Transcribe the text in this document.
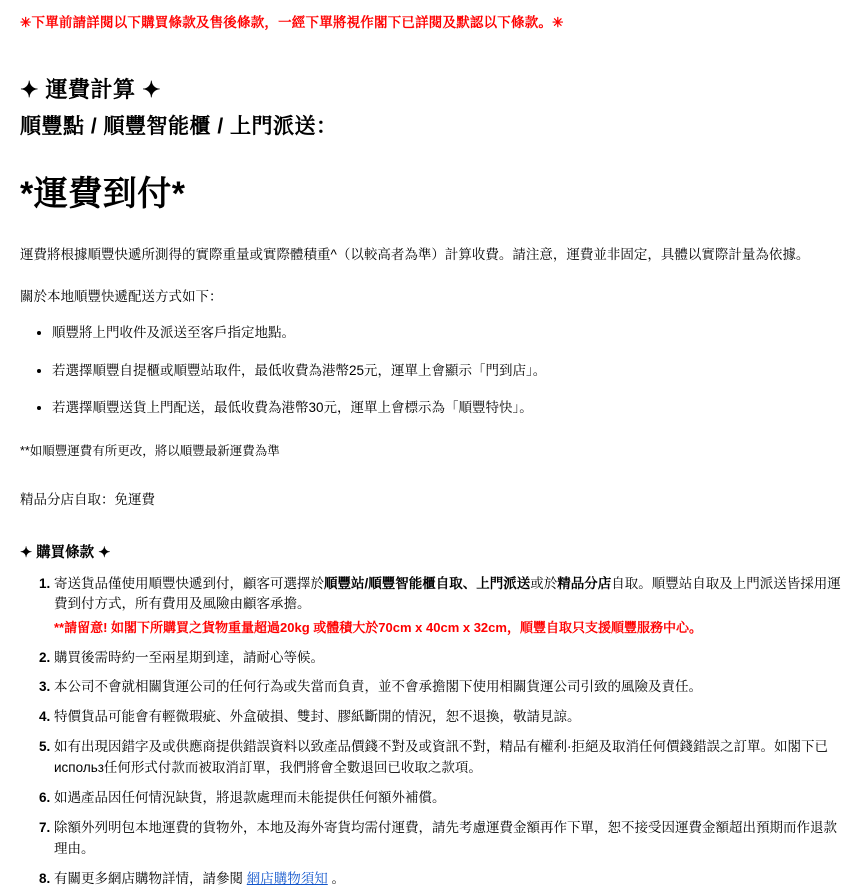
✳下單前請詳閱以下購買條款及售後條款，一經下單將視作閣下已詳閱及默認以下條款。✳
✦ 運費計算 ✦
順豐點 / 順豐智能櫃 / 上門派送：
*運費到付*
運費將根據順豐快遞所測得的實際重量或實際體積重^（以較高者為準）計算收費。請注意，運費並非固定，具體以實際計量為依據。
關於本地順豐快遞配送方式如下：
• 順豐將上門收件及派送至客戶指定地點。
• 若選擇順豐自提櫃或順豐站取件，最低收費為港幣25元，運單上會顯示「門到店」。
• 若選擇順豐送貨上門配送，最低收費為港幣30元，運單上會標示為「順豐特快」。
**如順豐運費有所更改，將以順豐最新運費為準
精品分店自取：免運費
✦ 購買條款 ✦
1. 寄送貨品僅使用順豐快遞到付，顧客可選擇於順豐站/順豐智能櫃自取、上門派送或於精品分店自取。順豐站自取及上門派送皆採用運費到付方式，所有費用及風險由顧客承擔。
**請留意! 如閣下所購買之貨物重量超過20kg 或體積大於70cm x 40cm x 32cm，順豐自取只支援順豐服務中心。
2. 購買後需時約一至兩星期到達，請耐心等候。
3. 本公司不會就相關貨運公司的任何行為或失當而負責，並不會承擔閣下使用相關貨運公司引致的風險及責任。
4. 特價貨品可能會有輕微瑕疵、外盒破損、雙封、膠紙斷開的情況，恕不退換，敬請見諒。
5. 如有出現因錯字及或供應商提供錯誤資料以致產品價錢不對及或資訊不對，精品有權利·拒絕及取消任何價錢錯誤之訂單。如閣下已использ任何形式付款而被取消訂單，我們將會全數退回已收取之款項。
6. 如遇產品因任何情況缺貨，將退款處理而未能提供任何額外補償。
7. 除額外列明包本地運費的貨物外，本地及海外寄貨均需付運費，請先考慮運費金額再作下單，恕不接受因運費金額超出預期而作退款理由。
8. 有關更多網店購物詳情，請參閱 網店購物須知 。
